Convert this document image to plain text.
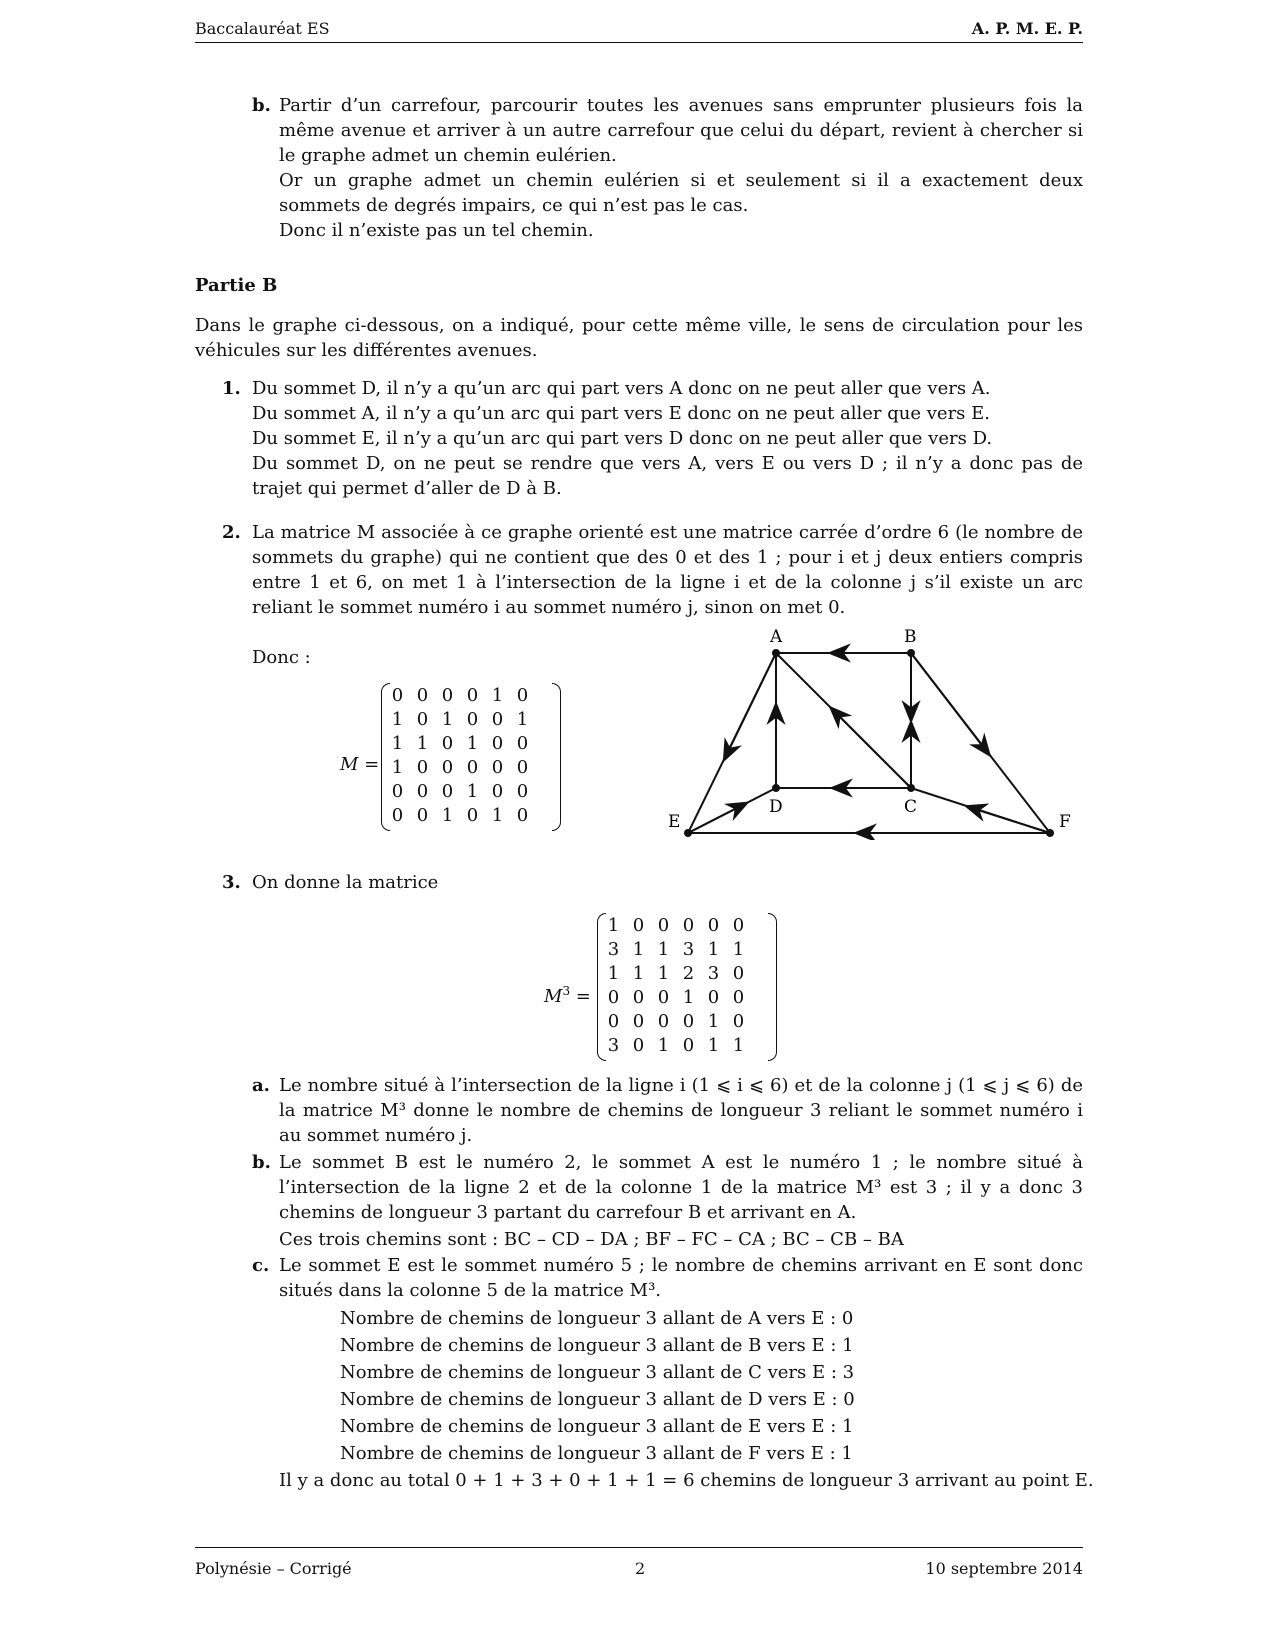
Baccalauréat ES	A. P. M. E. P.
b. Partir d’un carrefour, parcourir toutes les avenues sans emprunter plusieurs fois la même avenue et arriver à un autre carrefour que celui du départ, revient à chercher si le graphe admet un chemin eulérien.
Or un graphe admet un chemin eulérien si et seulement si il a exactement deux sommets de degrés impairs, ce qui n’est pas le cas.
Donc il n’existe pas un tel chemin.
Partie B
Dans le graphe ci-dessous, on a indiqué, pour cette même ville, le sens de circulation pour les véhicules sur les différentes avenues.
1. Du sommet D, il n’y a qu’un arc qui part vers A donc on ne peut aller que vers A.
Du sommet A, il n’y a qu’un arc qui part vers E donc on ne peut aller que vers E.
Du sommet E, il n’y a qu’un arc qui part vers D donc on ne peut aller que vers D.
Du sommet D, on ne peut se rendre que vers A, vers E ou vers D ; il n’y a donc pas de trajet qui permet d’aller de D à B.
2. La matrice M associée à ce graphe orienté est une matrice carrée d’ordre 6 (le nombre de sommets du graphe) qui ne contient que des 0 et des 1 ; pour i et j deux entiers compris entre 1 et 6, on met 1 à l’intersection de la ligne i et de la colonne j s’il existe un arc reliant le sommet numéro i au sommet numéro j, sinon on met 0.
Donc :
M =
0	0	0	0	1	0
1	0	1	0	0	1
1	1	0	1	0	0
1	0	0	0	0	0
0	0	0	1	0	0
0	0	1	0	1	0
A	B
C
D
E	F
3. On donne la matrice
$M^3$ =
1	0	0	0	0	0
3	1	1	3	1	1
1	1	1	2	3	0
0	0	0	1	0	0
0	0	0	0	1	0
3	0	1	0	1	1
a. Le nombre situé à l’intersection de la ligne i (1 ⩽ i ⩽ 6) et de la colonne j (1 ⩽ j ⩽ 6) de la matrice M³ donne le nombre de chemins de longueur 3 reliant le sommet numéro i au sommet numéro j.
b. Le sommet B est le numéro 2, le sommet A est le numéro 1 ; le nombre situé à l’intersection de la ligne 2 et de la colonne 1 de la matrice M³ est 3 ; il y a donc 3 chemins de longueur 3 partant du carrefour B et arrivant en A.
Ces trois chemins sont : BC – CD – DA ; BF – FC – CA ; BC – CB – BA
c. Le sommet E est le sommet numéro 5 ; le nombre de chemins arrivant en E sont donc situés dans la colonne 5 de la matrice M³.
Nombre de chemins de longueur 3 allant de A vers E : 0
Nombre de chemins de longueur 3 allant de B vers E : 1
Nombre de chemins de longueur 3 allant de C vers E : 3
Nombre de chemins de longueur 3 allant de D vers E : 0
Nombre de chemins de longueur 3 allant de E vers E : 1
Nombre de chemins de longueur 3 allant de F vers E : 1
Il y a donc au total 0 + 1 + 3 + 0 + 1 + 1 = 6 chemins de longueur 3 arrivant au point E.
Polynésie – Corrigé	2	10 septembre 2014
